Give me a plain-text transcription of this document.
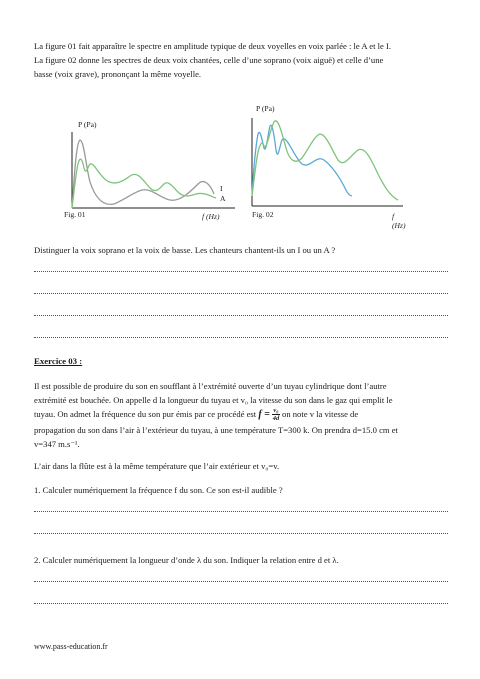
La figure 01 fait apparaître le spectre en amplitude typique de deux voyelles en voix parlée : le A et le I.

La figure 02 donne les spectres de deux voix chantées, celle d’une soprano (voix aiguë) et celle d’une

basse (voix grave), prononçant la même voyelle.

P (Pa)
f (Hz)
Fig. 01
I
A
P (Pa)
f (Hz)
Fig. 02

Distinguer la voix soprano et la voix de basse. Les chanteurs chantent-ils un I ou un A ?

Exercice 03 :

Il est possible de produire du son en soufflant à l’extrémité ouverte d’un tuyau cylindrique dont l’autre

extrémité est bouchée. On appelle d la longueur du tuyau et v₀ la vitesse du son dans le gaz qui emplit le

tuyau. On admet la fréquence du son pur émis par ce procédé est $f = \frac{\text{v₀}}{4d}$ on note v la vitesse de

propagation du son dans l’air à l’extérieur du tuyau, à une température T=300 k. On prendra d=15.0 cm et

v=347 m.s⁻¹.

L’air dans la flûte est à la même température que l’air extérieur et v₀=v.

1. Calculer numériquement la fréquence f du son. Ce son est-il audible ?

2. Calculer numériquement la longueur d’onde λ du son. Indiquer la relation entre d et λ.

www.pass-education.fr
